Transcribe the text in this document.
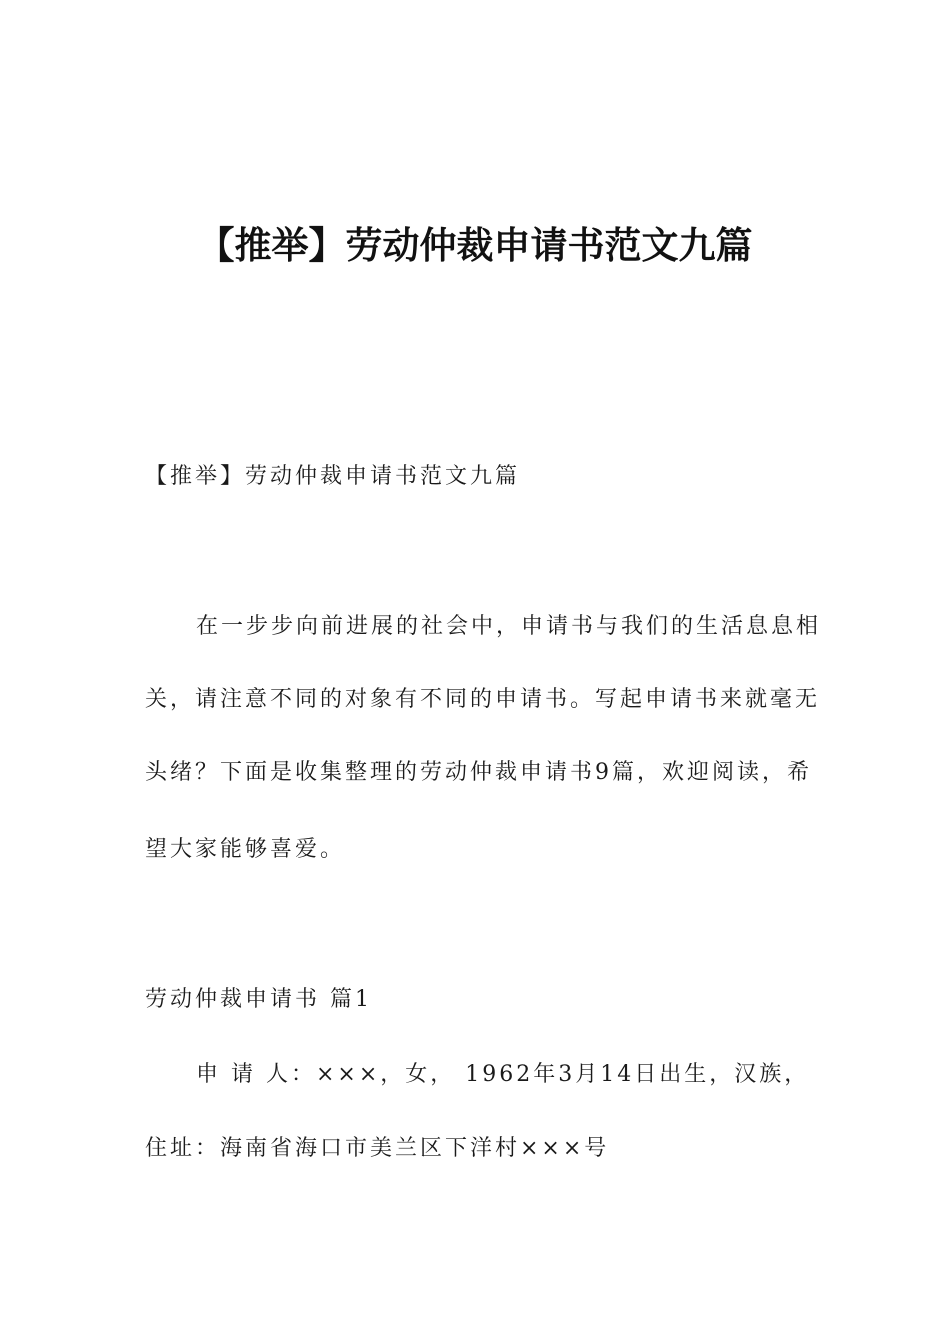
【推举】劳动仲裁申请书范文九篇
【推举】劳动仲裁申请书范文九篇
在一步步向前进展的社会中，申请书与我们的生活息息相
关，请注意不同的对象有不同的申请书。写起申请书来就毫无
头绪？下面是收集整理的劳动仲裁申请书9篇，欢迎阅读，希
望大家能够喜爱。
劳动仲裁申请书 篇1
申 请 人：×××，女， 1962年3月14日出生，汉族，
住址：海南省海口市美兰区下洋村×××号
